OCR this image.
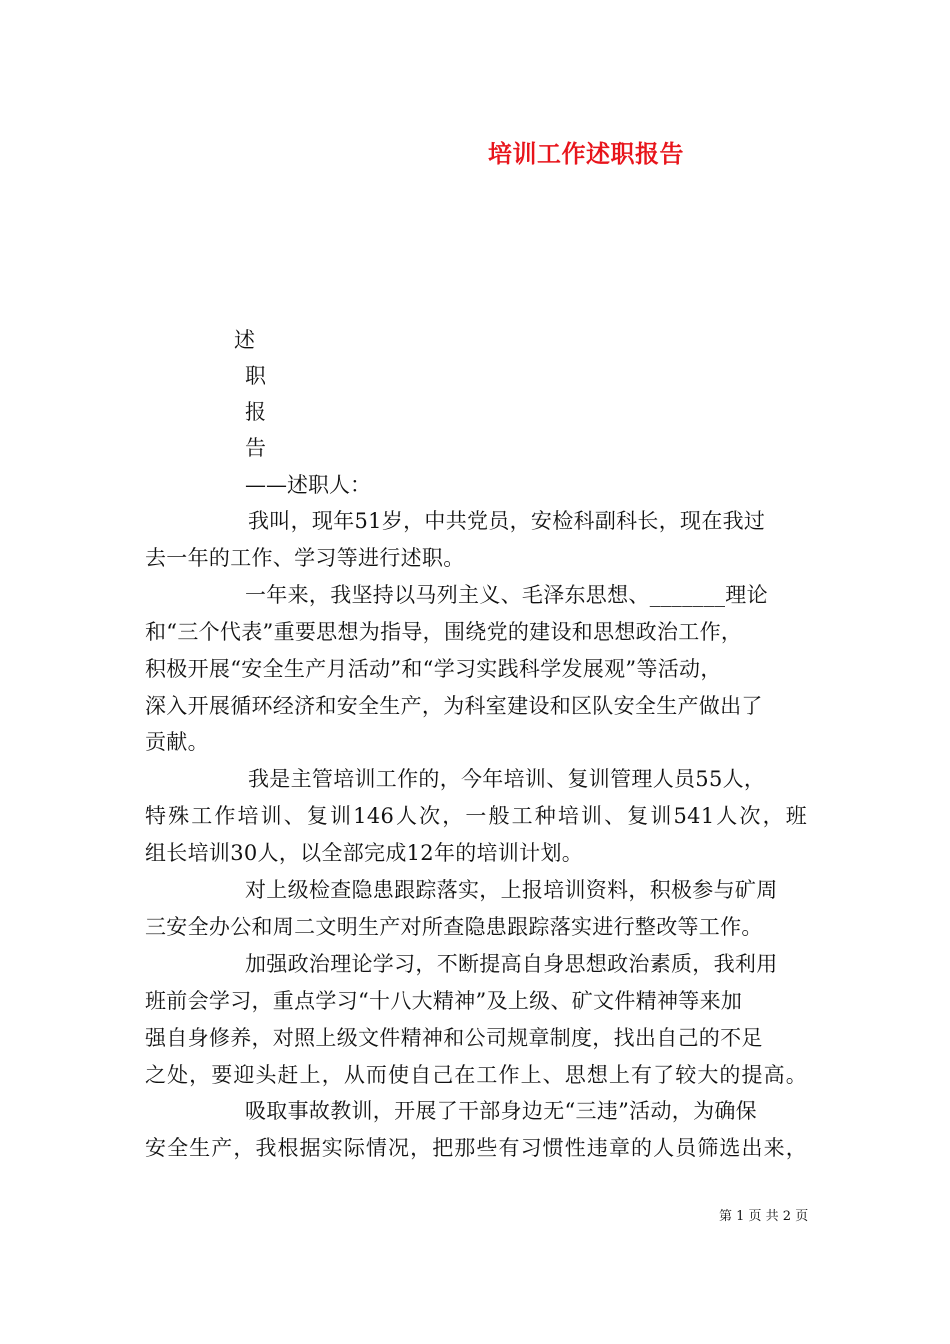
培训工作述职报告
述
职
报
告
——述职人：
我叫，现年51岁，中共党员，安检科副科长，现在我过
去一年的工作、学习等进行述职。
一年来，我坚持以马列主义、毛泽东思想、_______理论
和“三个代表”重要思想为指导，围绕党的建设和思想政治工作，
积极开展“安全生产月活动”和“学习实践科学发展观”等活动，
深入开展循环经济和安全生产，为科室建设和区队安全生产做出了
贡献。
我是主管培训工作的，今年培训、复训管理人员55人，
特殊工作培训、复训146人次，一般工种培训、复训541人次，班
组长培训30人，以全部完成12年的培训计划。
对上级检查隐患跟踪落实，上报培训资料，积极参与矿周
三安全办公和周二文明生产对所查隐患跟踪落实进行整改等工作。
加强政治理论学习，不断提高自身思想政治素质，我利用
班前会学习，重点学习“十八大精神”及上级、矿文件精神等来加
强自身修养，对照上级文件精神和公司规章制度，找出自己的不足
之处，要迎头赶上，从而使自己在工作上、思想上有了较大的提高。
吸取事故教训，开展了干部身边无“三违”活动，为确保
安全生产，我根据实际情况，把那些有习惯性违章的人员筛选出来，
第 1 页 共 2 页
